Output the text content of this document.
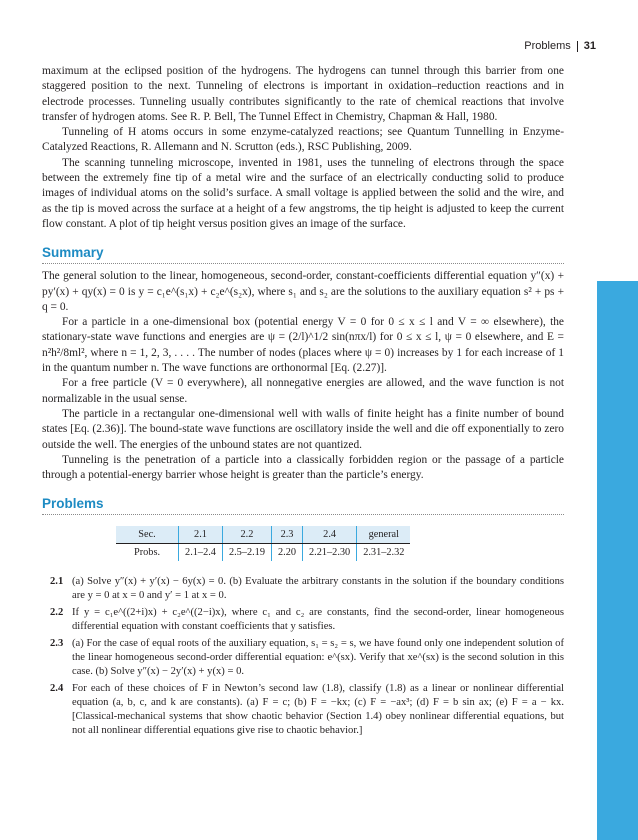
Problems 31

maximum at the eclipsed position of the hydrogens. The hydrogens can tunnel through this barrier from one staggered position to the next. Tunneling of electrons is important in oxidation–reduction reactions and in electrode processes. Tunneling usually contributes significantly to the rate of chemical reactions that involve transfer of hydrogen atoms. See R. P. Bell, The Tunnel Effect in Chemistry, Chapman & Hall, 1980.

Tunneling of H atoms occurs in some enzyme-catalyzed reactions; see Quantum Tunnelling in Enzyme-Catalyzed Reactions, R. Allemann and N. Scrutton (eds.), RSC Publishing, 2009.

The scanning tunneling microscope, invented in 1981, uses the tunneling of electrons through the space between the extremely fine tip of a metal wire and the surface of an electrically conducting solid to produce images of individual atoms on the solid’s surface. A small voltage is applied between the solid and the wire, and as the tip is moved across the surface at a height of a few angstroms, the tip height is adjusted to keep the current flow constant. A plot of tip height versus position gives an image of the surface.

Summary

The general solution to the linear, homogeneous, second-order, constant-coefficients differential equation y″(x) + py′(x) + qy(x) = 0 is y = c₁e^(s₁x) + c₂e^(s₂x), where s₁ and s₂ are the solutions to the auxiliary equation s² + ps + q = 0.

For a particle in a one-dimensional box (potential energy V = 0 for 0 ≤ x ≤ l and V = ∞ elsewhere), the stationary-state wave functions and energies are ψ = (2/l)^1/2 sin(nπx/l) for 0 ≤ x ≤ l, ψ = 0 elsewhere, and E = n²h²/8ml², where n = 1, 2, 3, . . . . The number of nodes (places where ψ = 0) increases by 1 for each increase of 1 in the quantum number n. The wave functions are orthonormal [Eq. (2.27)].

For a free particle (V = 0 everywhere), all nonnegative energies are allowed, and the wave function is not normalizable in the usual sense.

The particle in a rectangular one-dimensional well with walls of finite height has a finite number of bound states [Eq. (2.36)]. The bound-state wave functions are oscillatory inside the well and die off exponentially to zero outside the well. The energies of the unbound states are not quantized.

Tunneling is the penetration of a particle into a classically forbidden region or the passage of a particle through a potential-energy barrier whose height is greater than the particle’s energy.

Problems
Sec.	2.1	2.2	2.3	2.4	general
Probs.	2.1–2.4	2.5–2.19	2.20	2.21–2.30	2.31–2.32
2.1 (a) Solve y″(x) + y′(x) − 6y(x) = 0. (b) Evaluate the arbitrary constants in the solution if the boundary conditions are y = 0 at x = 0 and y′ = 1 at x = 0.
2.2 If y = c₁e^((2+i)x) + c₂e^((2−i)x), where c₁ and c₂ are constants, find the second-order, linear homogeneous differential equation with constant coefficients that y satisfies.
2.3 (a) For the case of equal roots of the auxiliary equation, s₁ = s₂ = s, we have found only one independent solution of the linear homogeneous second-order differential equation: e^(sx). Verify that xe^(sx) is the second solution in this case. (b) Solve y″(x) − 2y′(x) + y(x) = 0.
2.4 For each of these choices of F in Newton’s second law (1.8), classify (1.8) as a linear or nonlinear differential equation (a, b, c, and k are constants). (a) F = c; (b) F = −kx; (c) F = −ax³; (d) F = b sin ax; (e) F = a − kx. [Classical-mechanical systems that show chaotic behavior (Section 1.4) obey nonlinear differential equations, but not all nonlinear differential equations give rise to chaotic behavior.]
